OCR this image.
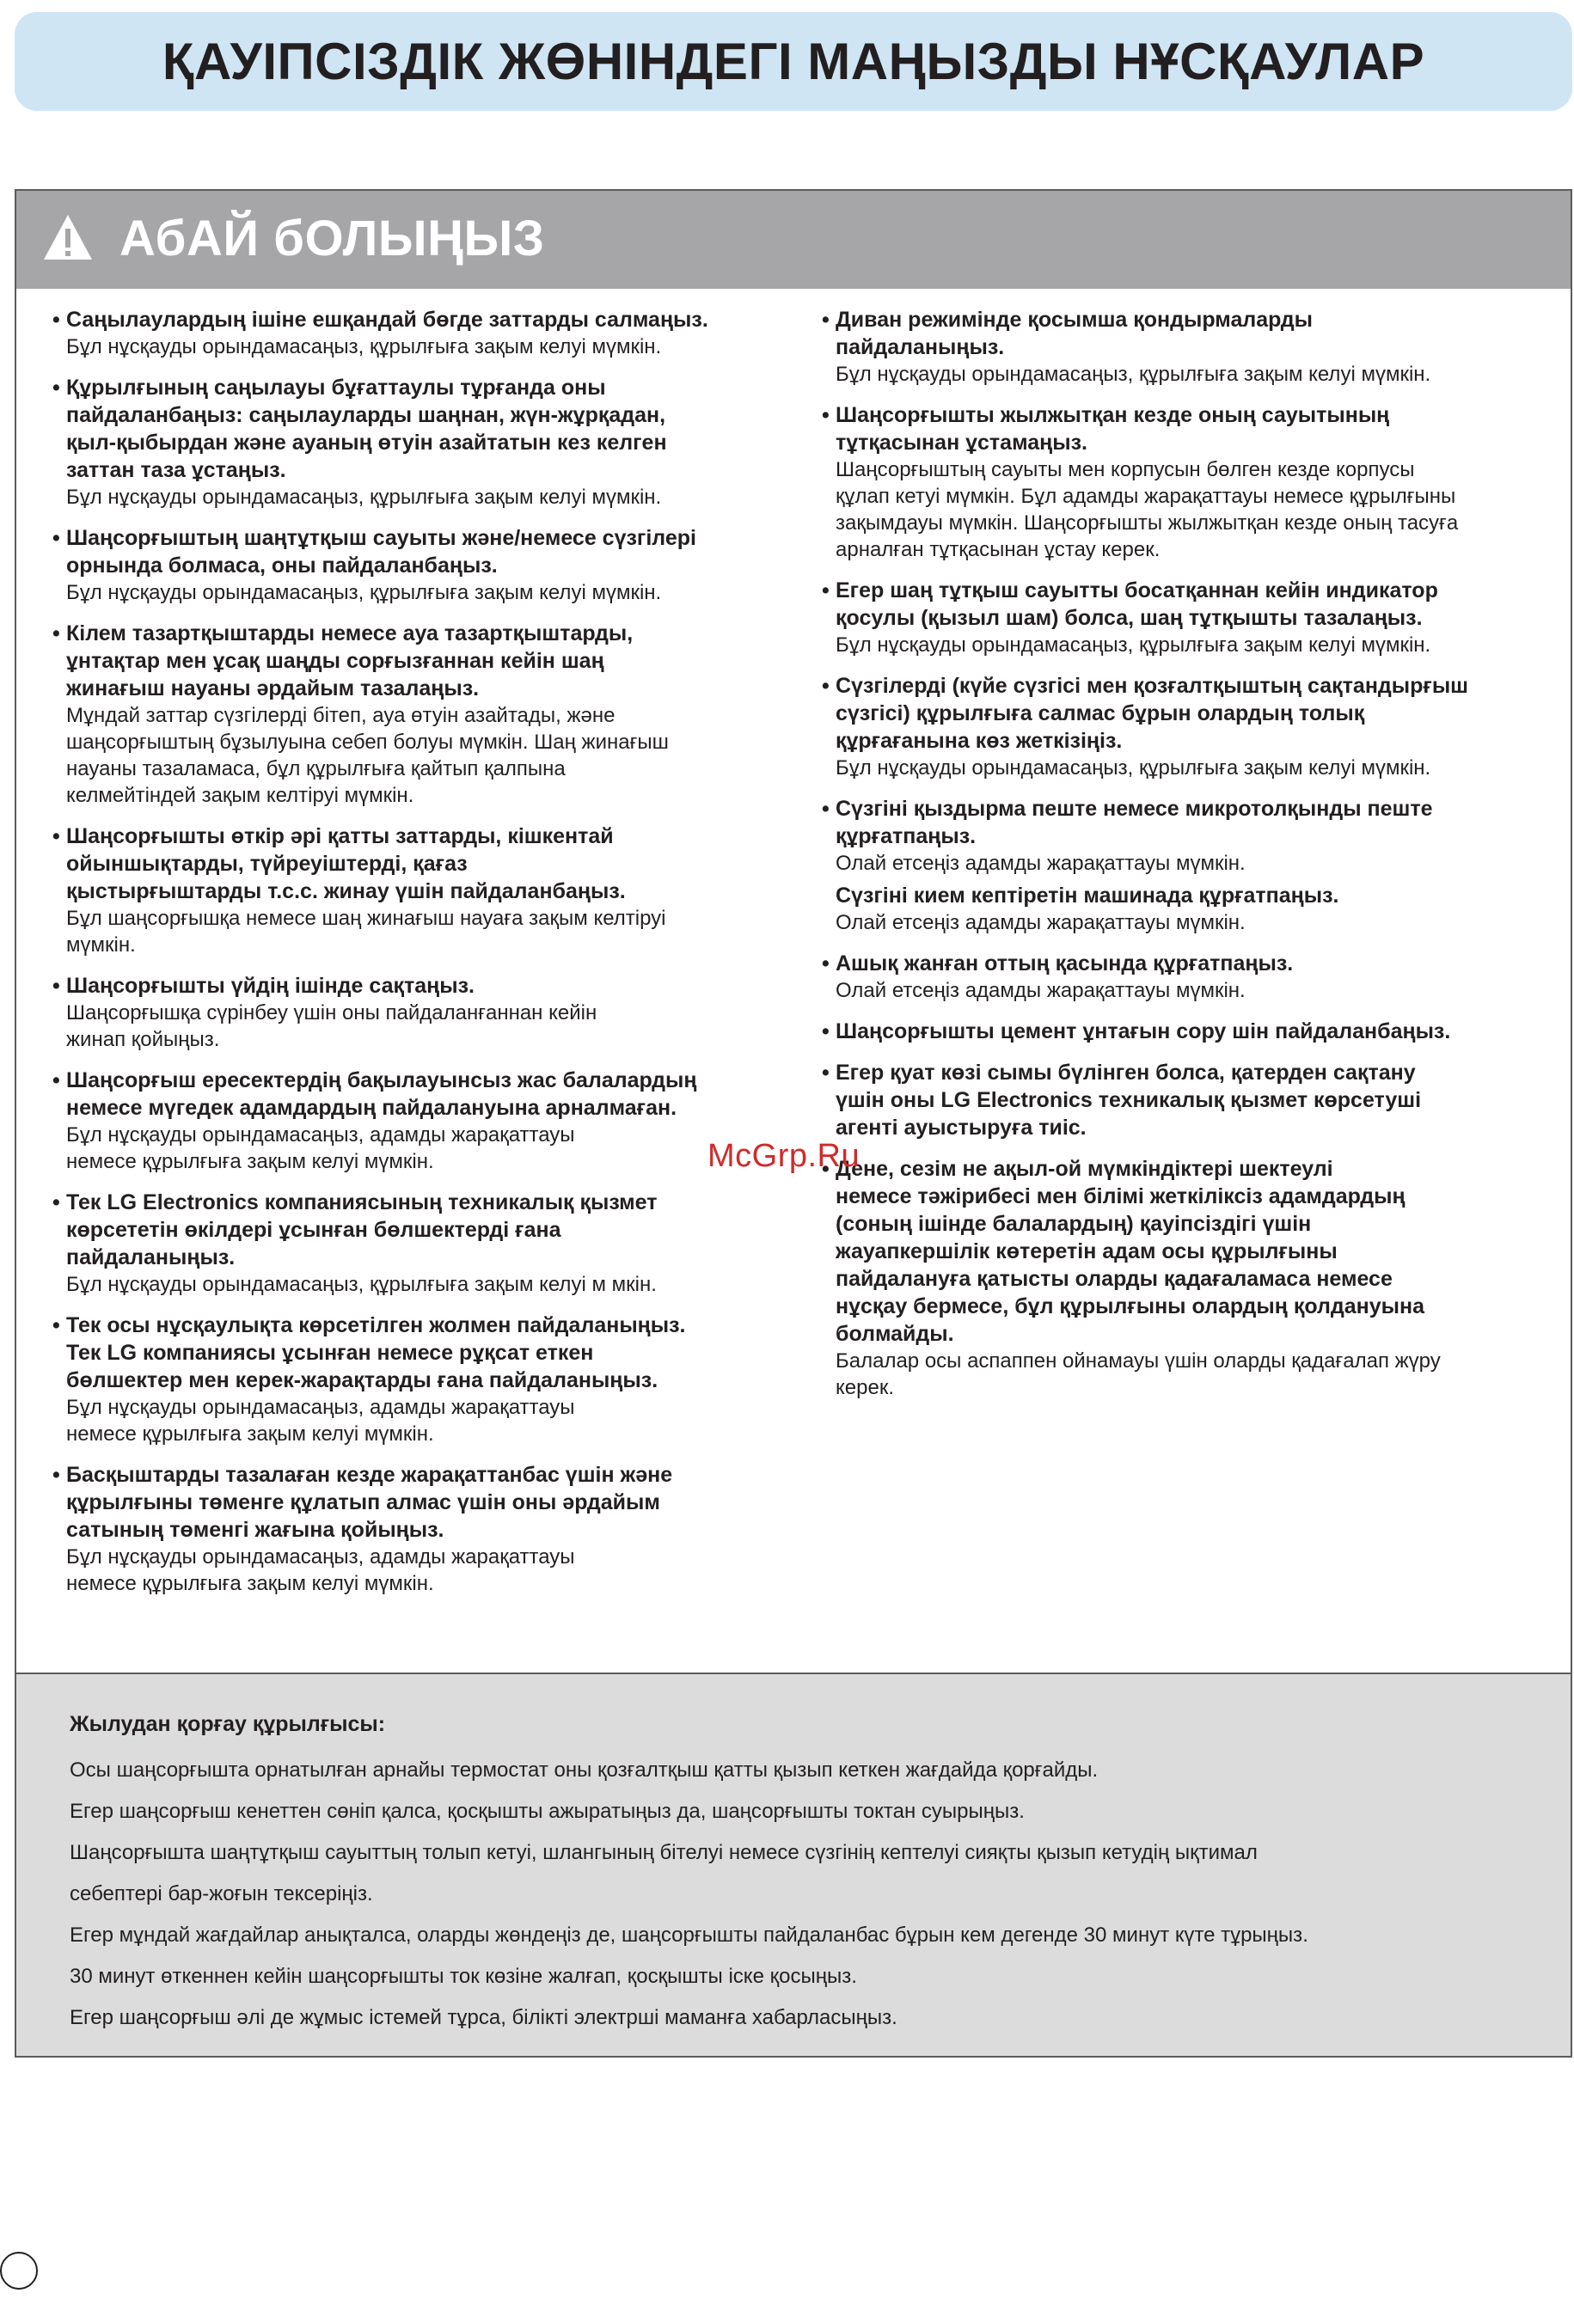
ҚАУІПСІЗДІК ЖӨНІНДЕГІ МАҢЫЗДЫ НҰСҚАУЛАР
АбАЙ бОЛЫҢЫЗ
• Саңылаулардың ішіне ешқандай бөгде заттарды салмаңыз.
Бұл нұсқауды орындамасаңыз, құрылғыға зақым келуі мүмкін.
• Құрылғының саңылауы бұғаттаулы тұрғанда оны
пайдаланбаңыз: саңылауларды шаңнан, жүн-жұрқадан,
қыл-қыбырдан және ауаның өтуін азайтатын кез келген
заттан таза ұстаңыз.
Бұл нұсқауды орындамасаңыз, құрылғыға зақым келуі мүмкін.
• Шаңсорғыштың шаңтұтқыш сауыты және/немесе сүзгілері
орнында болмаса, оны пайдаланбаңыз.
Бұл нұсқауды орындамасаңыз, құрылғыға зақым келуі мүмкін.
• Кілем тазартқыштарды немесе ауа тазартқыштарды,
ұнтақтар мен ұсақ шаңды сорғызғаннан кейін шаң
жинағыш науаны әрдайым тазалаңыз.
Мұндай заттар сүзгілерді бітеп, ауа өтуін азайтады, және
шаңсорғыштың бұзылуына себеп болуы мүмкін. Шаң жинағыш
науаны тазаламаса, бұл құрылғыға қайтып қалпына
келмейтіндей зақым келтіруі мүмкін.
• Шаңсорғышты өткір әрі қатты заттарды, кішкентай
ойыншықтарды, түйреуіштерді, қағаз
қыстырғыштарды т.с.с. жинау үшін пайдаланбаңыз.
Бұл шаңсорғышқа немесе шаң жинағыш науаға зақым келтіруі
мүмкін.
• Шаңсорғышты үйдің ішінде сақтаңыз.
Шаңсорғышқа сүрінбеу үшін оны пайдаланғаннан кейін
жинап қойыңыз.
• Шаңсорғыш ересектердің бақылауынсыз жас балалардың
немесе мүгедек адамдардың пайдалануына арналмаған.
Бұл нұсқауды орындамасаңыз, адамды жарақаттауы
немесе құрылғыға зақым келуі мүмкін.
• Тек LG Electronics компаниясының техникалық қызмет
көрсететін өкілдері ұсынған бөлшектерді ғана
пайдаланыңыз.
Бұл нұсқауды орындамасаңыз, құрылғыға зақым келуі м мкін.
• Тек осы нұсқаулықта көрсетілген жолмен пайдаланыңыз.
Тек LG компаниясы ұсынған немесе рұқсат еткен
бөлшектер мен керек-жарақтарды ғана пайдаланыңыз.
Бұл нұсқауды орындамасаңыз, адамды жарақаттауы
немесе құрылғыға зақым келуі мүмкін.
• Басқыштарды тазалаған кезде жарақаттанбас үшін және
құрылғыны төменге құлатып алмас үшін оны әрдайым
сатының төменгі жағына қойыңыз.
Бұл нұсқауды орындамасаңыз, адамды жарақаттауы
немесе құрылғыға зақым келуі мүмкін.
• Диван режимінде қосымша қондырмаларды
пайдаланыңыз.
Бұл нұсқауды орындамасаңыз, құрылғыға зақым келуі мүмкін.
• Шаңсорғышты жылжытқан кезде оның сауытының
тұтқасынан ұстамаңыз.
Шаңсорғыштың сауыты мен корпусын бөлген кезде корпусы
құлап кетуі мүмкін. Бұл адамды жарақаттауы немесе құрылғыны
зақымдауы мүмкін. Шаңсорғышты жылжытқан кезде оның тасуға
арналған тұтқасынан ұстау керек.
• Егер шаң тұтқыш сауытты босатқаннан кейін индикатор
қосулы (қызыл шам) болса, шаң тұтқышты тазалаңыз.
Бұл нұсқауды орындамасаңыз, құрылғыға зақым келуі мүмкін.
• Сүзгілерді (күйе сүзгісі мен қозғалтқыштың сақтандырғыш
сүзгісі) құрылғыға салмас бұрын олардың толық
құрғағанына көз жеткізіңіз.
Бұл нұсқауды орындамасаңыз, құрылғыға зақым келуі мүмкін.
• Сүзгіні қыздырма пеште немесе микротолқынды пеште
құрғатпаңыз.
Олай етсеңіз адамды жарақаттауы мүмкін.
Сүзгіні кием кептіретін машинада құрғатпаңыз.
Олай етсеңіз адамды жарақаттауы мүмкін.
• Ашық жанған оттың қасында құрғатпаңыз.
Олай етсеңіз адамды жарақаттауы мүмкін.
• Шаңсорғышты цемент ұнтағын сору шін пайдаланбаңыз.
• Егер қуат көзі сымы бүлінген болса, қатерден сақтану
үшін оны LG Electronics техникалық қызмет көрсетуші
агенті ауыстыруға тиіс.
• Дене, сезім не ақыл-ой мүмкіндіктері шектеулі
немесе тәжірибесі мен білімі жеткіліксіз адамдардың
(соның ішінде балалардың) қауіпсіздігі үшін
жауапкершілік көтеретін адам осы құрылғыны
пайдалануға қатысты оларды қадағаламаса немесе
нұсқау бермесе, бұл құрылғыны олардың қолдануына
болмайды.
Балалар осы аспаппен ойнамауы үшін оларды қадағалап жүру
керек.
McGrp.Ru
Жылудан қорғау құрылғысы:
Осы шаңсорғышта орнатылған арнайы термостат оны қозғалтқыш қатты қызып кеткен жағдайда қорғайды.
Егер шаңсорғыш кенеттен сөніп қалса, қосқышты ажыратыңыз да, шаңсорғышты токтан суырыңыз.
Шаңсорғышта шаңтұтқыш сауыттың толып кетуі, шлангының бітелуі немесе сүзгінің кептелуі сияқты қызып кетудің ықтимал
себептері бар-жоғын тексеріңіз.
Егер мұндай жағдайлар анықталса, оларды жөндеңіз де, шаңсорғышты пайдаланбас бұрын кем дегенде 30 минут күте тұрыңыз.
30 минут өткеннен кейін шаңсорғышты ток көзіне жалғап, қосқышты іске қосыңыз.
Егер шаңсорғыш әлі де жұмыс істемей тұрса, білікті электрші маманға хабарласыңыз.
